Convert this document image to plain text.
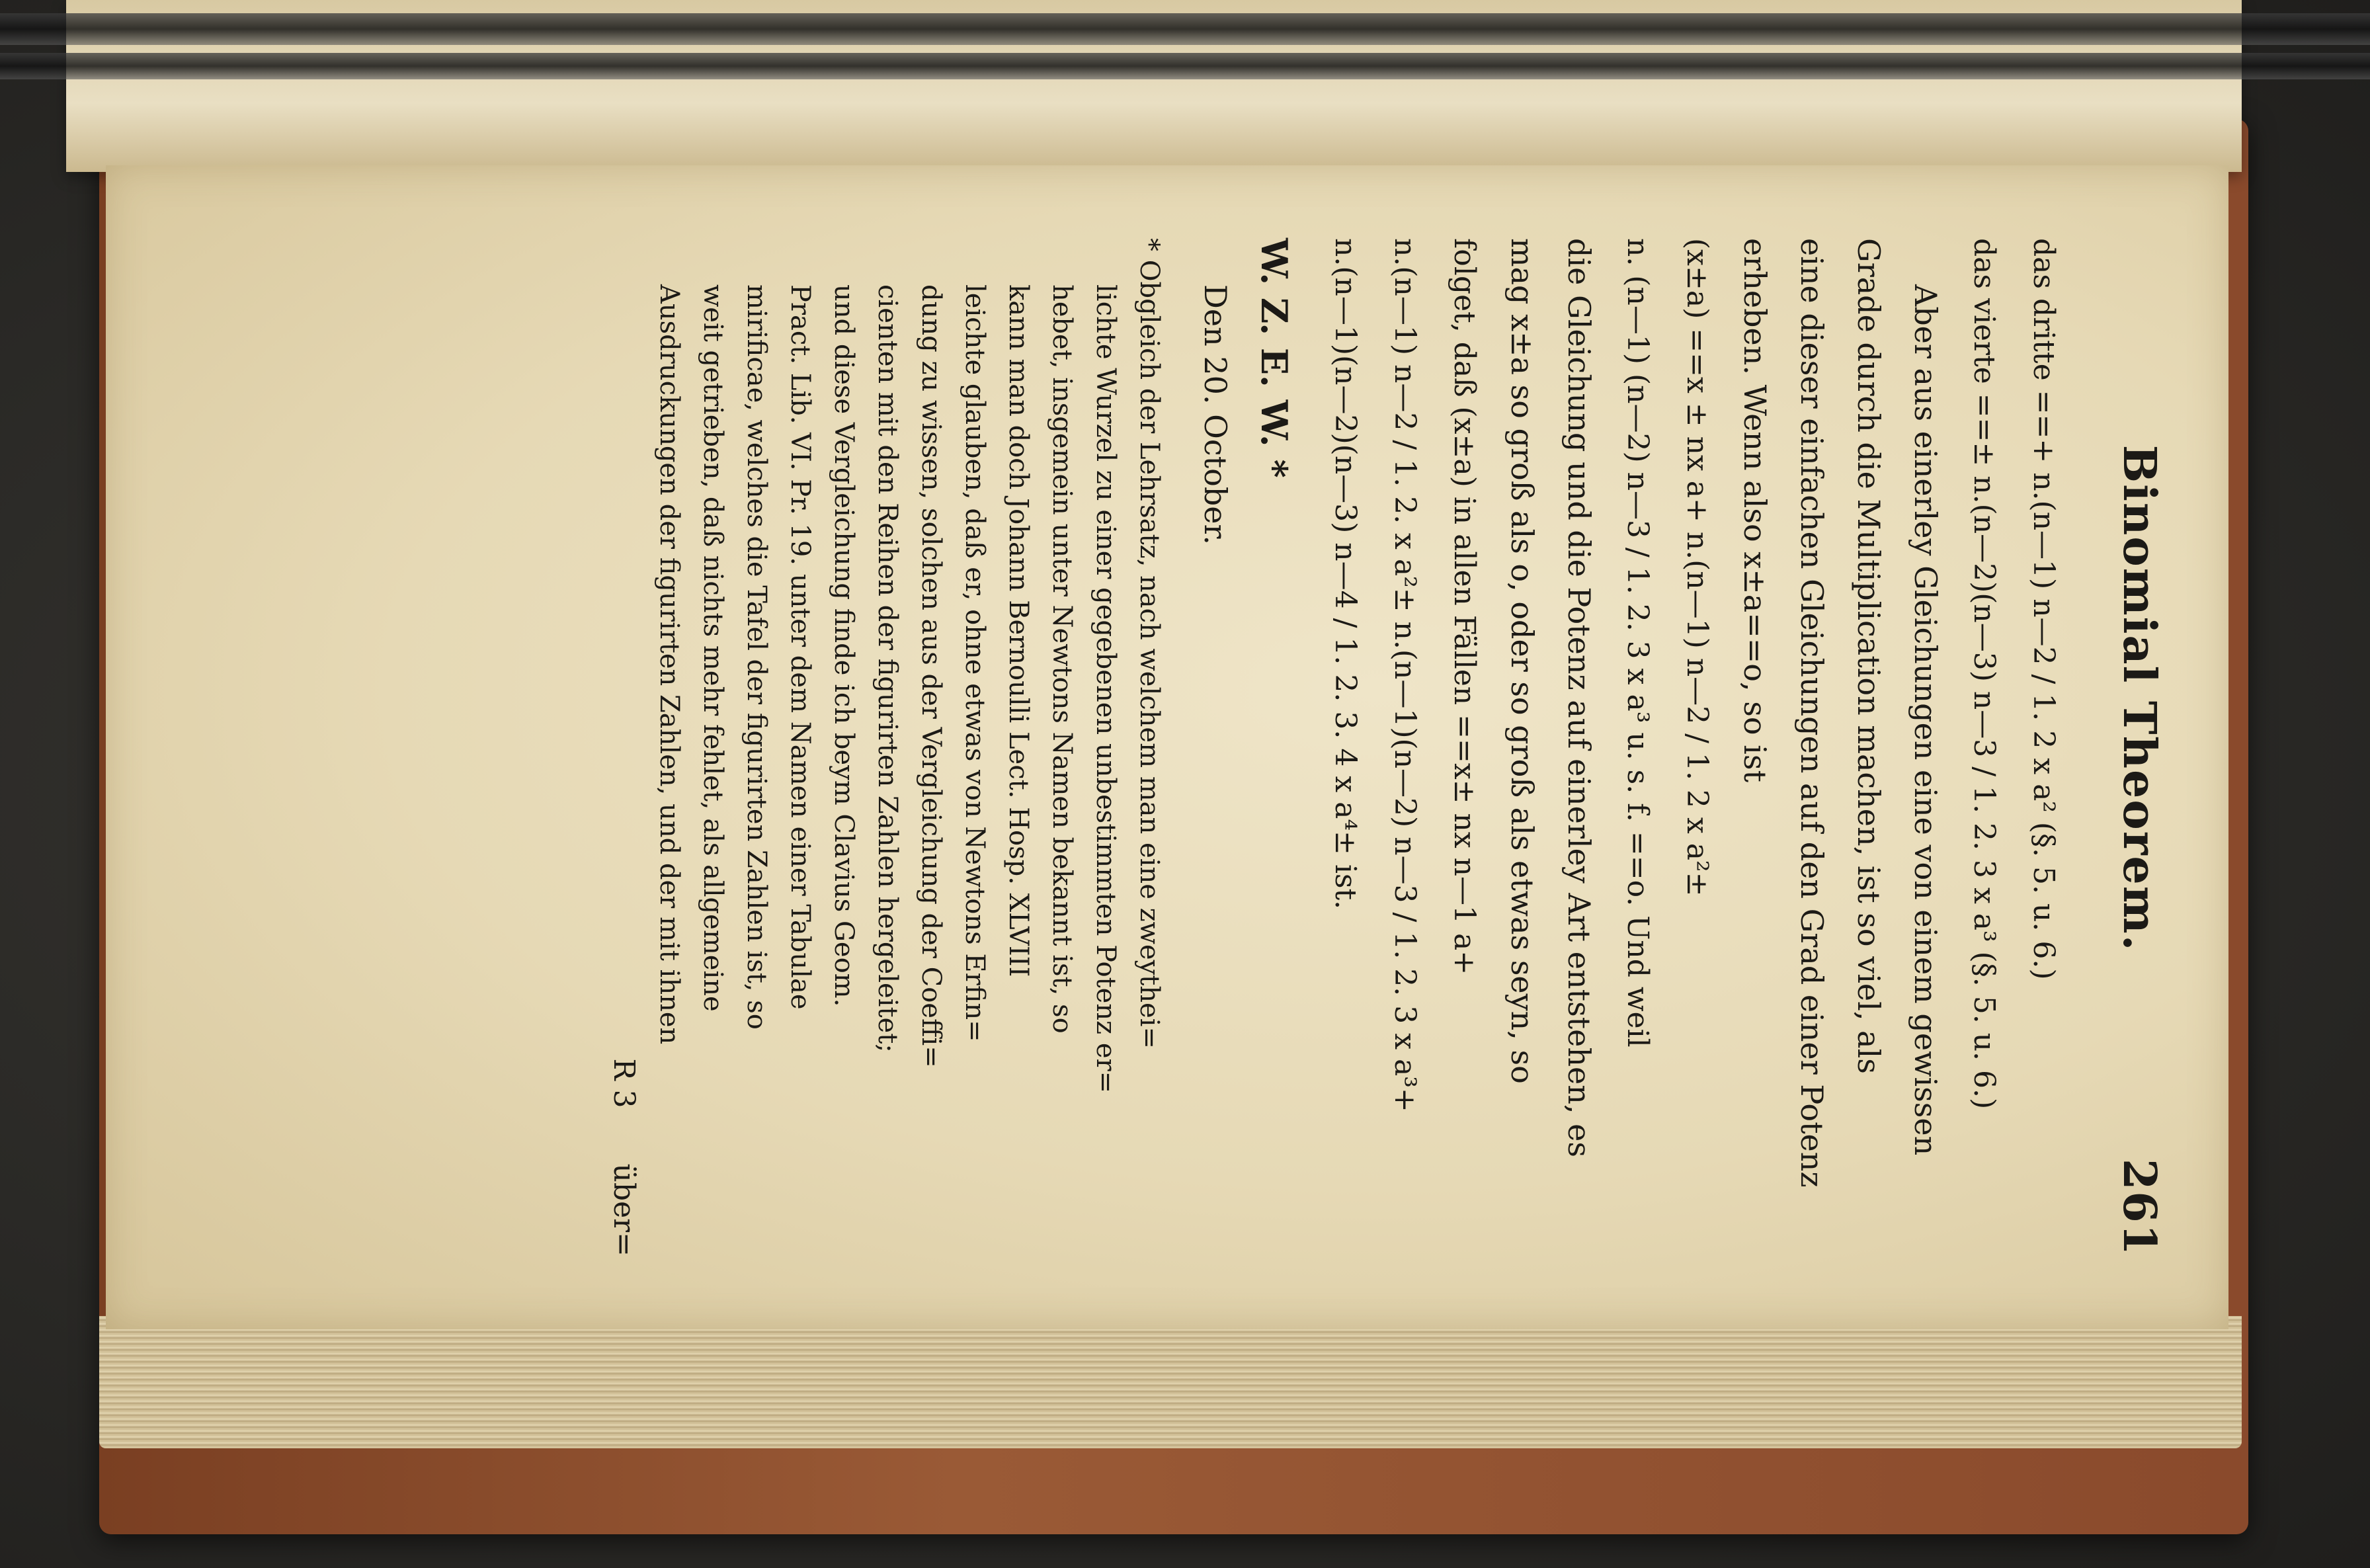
Binomial Theorem.
261
das dritte ==+ n.(n—1) n—2 / 1. 2 x a² (§. 5. u. 6.)
das vierte ==± n.(n—2)(n—3) n—3 / 1. 2. 3 x a³ (§. 5. u. 6.)
Aber aus einerley Gleichungen eine von einem gewissen
Grade durch die Multiplication machen, ist so viel, als
eine dieser einfachen Gleichungen auf den Grad einer Potenz
erheben. Wenn also x±a==o, so ist
(x±a) ==x ± nx a+ n.(n—1) n—2 / 1. 2 x a²±
n. (n—1) (n—2) n—3 / 1. 2. 3 x a³ u. s. f. ==o. Und weil
die Gleichung und die Potenz auf einerley Art entstehen, es
mag x±a so groß als o, oder so groß als etwas seyn, so
folget, daß (x±a) in allen Fällen ==x± nx n—1 a+
n.(n—1) n—2 / 1. 2. x a²± n.(n—1)(n—2) n—3 / 1. 2. 3 x a³+
n.(n—1)(n—2)(n—3) n—4 / 1. 2. 3. 4 x a⁴± ist.
W. Z. E. W. *
Den 20. October.
* Obgleich der Lehrsatz, nach welchem man eine zweythei=
lichte Wurzel zu einer gegebenen unbestimmten Potenz er=
hebet, insgemein unter Newtons Namen bekannt ist, so
kann man doch Johann Bernoulli Lect. Hosp. XLVIII
leichte glauben, daß er, ohne etwas von Newtons Erfin=
dung zu wissen, solchen aus der Vergleichung der Coeffi=
cienten mit den Reihen der figurirten Zahlen hergeleitet;
und diese Vergleichung finde ich beym Clavius Geom.
Pract. Lib. VI. Pr. 19. unter dem Namen einer Tabulae
mirificae, welches die Tafel der figurirten Zahlen ist, so
weit getrieben, daß nichts mehr fehlet, als allgemeine
Ausdruckungen der figurirten Zahlen, und der mit ihnen
R 3      über=
